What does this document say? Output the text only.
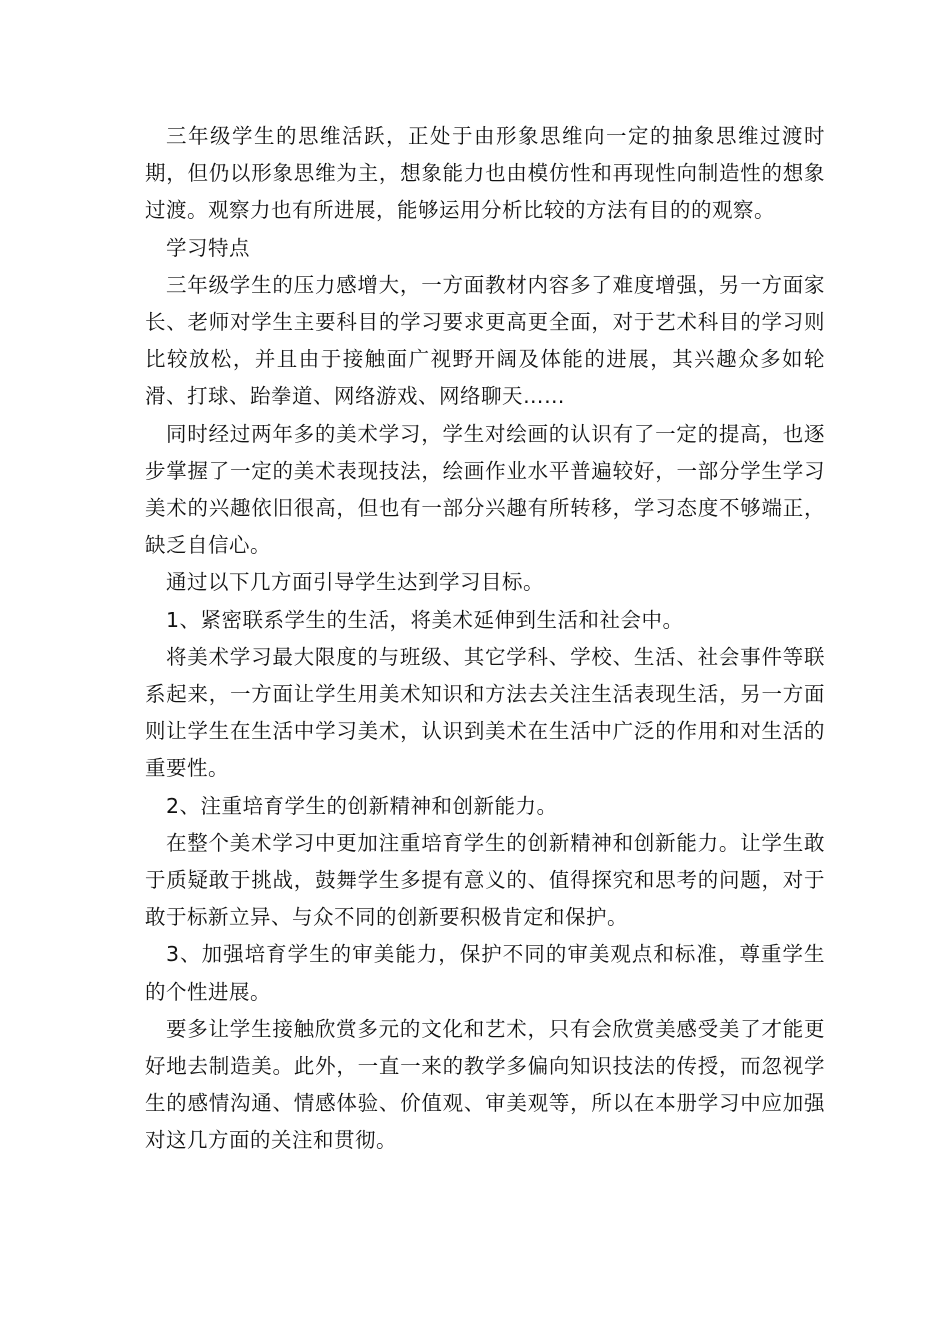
三年级学生的思维活跃，正处于由形象思维向一定的抽象思维过渡时期，但仍以形象思维为主，想象能力也由模仿性和再现性向制造性的想象过渡。观察力也有所进展，能够运用分析比较的方法有目的的观察。

学习特点

三年级学生的压力感增大，一方面教材内容多了难度增强，另一方面家长、老师对学生主要科目的学习要求更高更全面，对于艺术科目的学习则比较放松，并且由于接触面广视野开阔及体能的进展，其兴趣众多如轮滑、打球、跆拳道、网络游戏、网络聊天……

同时经过两年多的美术学习，学生对绘画的认识有了一定的提高，也逐步掌握了一定的美术表现技法，绘画作业水平普遍较好，一部分学生学习美术的兴趣依旧很高，但也有一部分兴趣有所转移，学习态度不够端正，缺乏自信心。

通过以下几方面引导学生达到学习目标。

1、紧密联系学生的生活，将美术延伸到生活和社会中。

将美术学习最大限度的与班级、其它学科、学校、生活、社会事件等联系起来，一方面让学生用美术知识和方法去关注生活表现生活，另一方面则让学生在生活中学习美术，认识到美术在生活中广泛的作用和对生活的重要性。

2、注重培育学生的创新精神和创新能力。

在整个美术学习中更加注重培育学生的创新精神和创新能力。让学生敢于质疑敢于挑战，鼓舞学生多提有意义的、值得探究和思考的问题，对于敢于标新立异、与众不同的创新要积极肯定和保护。

3、加强培育学生的审美能力，保护不同的审美观点和标准，尊重学生的个性进展。

要多让学生接触欣赏多元的文化和艺术，只有会欣赏美感受美了才能更好地去制造美。此外，一直一来的教学多偏向知识技法的传授，而忽视学生的感情沟通、情感体验、价值观、审美观等，所以在本册学习中应加强对这几方面的关注和贯彻。
